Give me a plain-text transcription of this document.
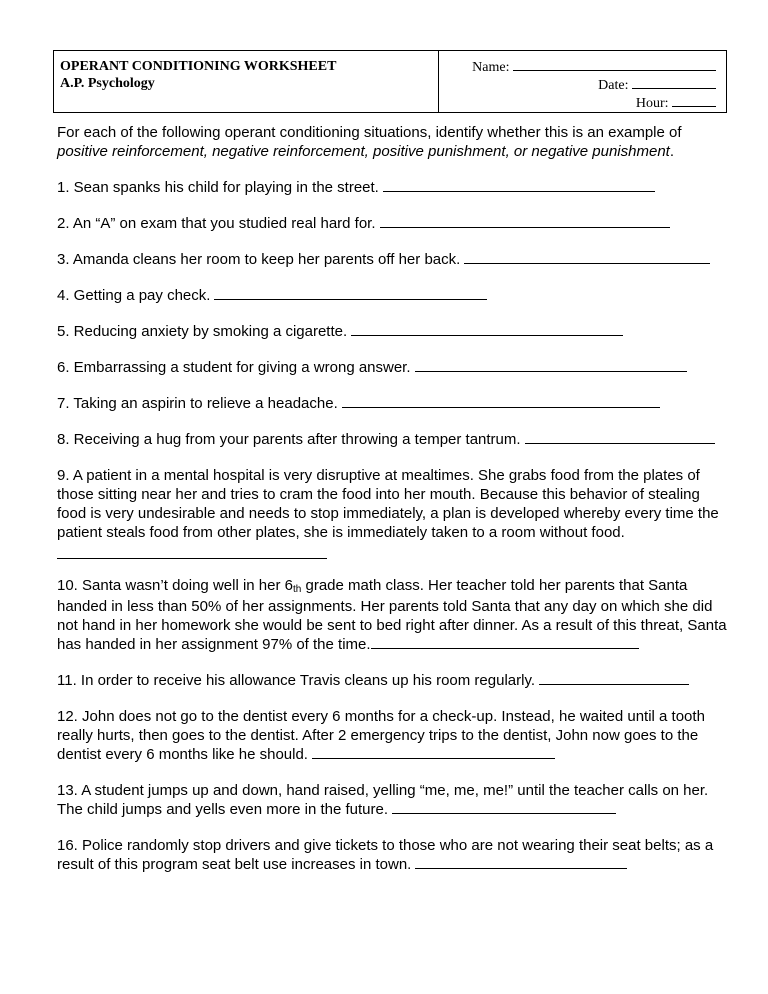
OPERANT CONDITIONING WORKSHEET
A.P. Psychology

Name:
Date:
Hour:

For each of the following operant conditioning situations, identify whether this is an example of positive reinforcement, negative reinforcement, positive punishment, or negative punishment.

1. Sean spanks his child for playing in the street.
2. An “A” on exam that you studied real hard for.
3. Amanda cleans her room to keep her parents off her back.
4. Getting a pay check.
5. Reducing anxiety by smoking a cigarette.
6. Embarrassing a student for giving a wrong answer.
7. Taking an aspirin to relieve a headache.
8. Receiving a hug from your parents after throwing a temper tantrum.
9. A patient in a mental hospital is very disruptive at mealtimes. She grabs food from the plates of those sitting near her and tries to cram the food into her mouth. Because this behavior of stealing food is very undesirable and needs to stop immediately, a plan is developed whereby every time the patient steals food from other plates, she is immediately taken to a room without food.
10. Santa wasn’t doing well in her $6_{th}$ grade math class. Her teacher told her parents that Santa handed in less than 50% of her assignments. Her parents told Santa that any day on which she did not hand in her homework she would be sent to bed right after dinner. As a result of this threat, Santa has handed in her assignment 97% of the time.
11. In order to receive his allowance Travis cleans up his room regularly.
12. John does not go to the dentist every 6 months for a check-up. Instead, he waited until a tooth really hurts, then goes to the dentist. After 2 emergency trips to the dentist, John now goes to the dentist every 6 months like he should.
13. A student jumps up and down, hand raised, yelling “me, me, me!” until the teacher calls on her. The child jumps and yells even more in the future.
16. Police randomly stop drivers and give tickets to those who are not wearing their seat belts; as a result of this program seat belt use increases in town.
